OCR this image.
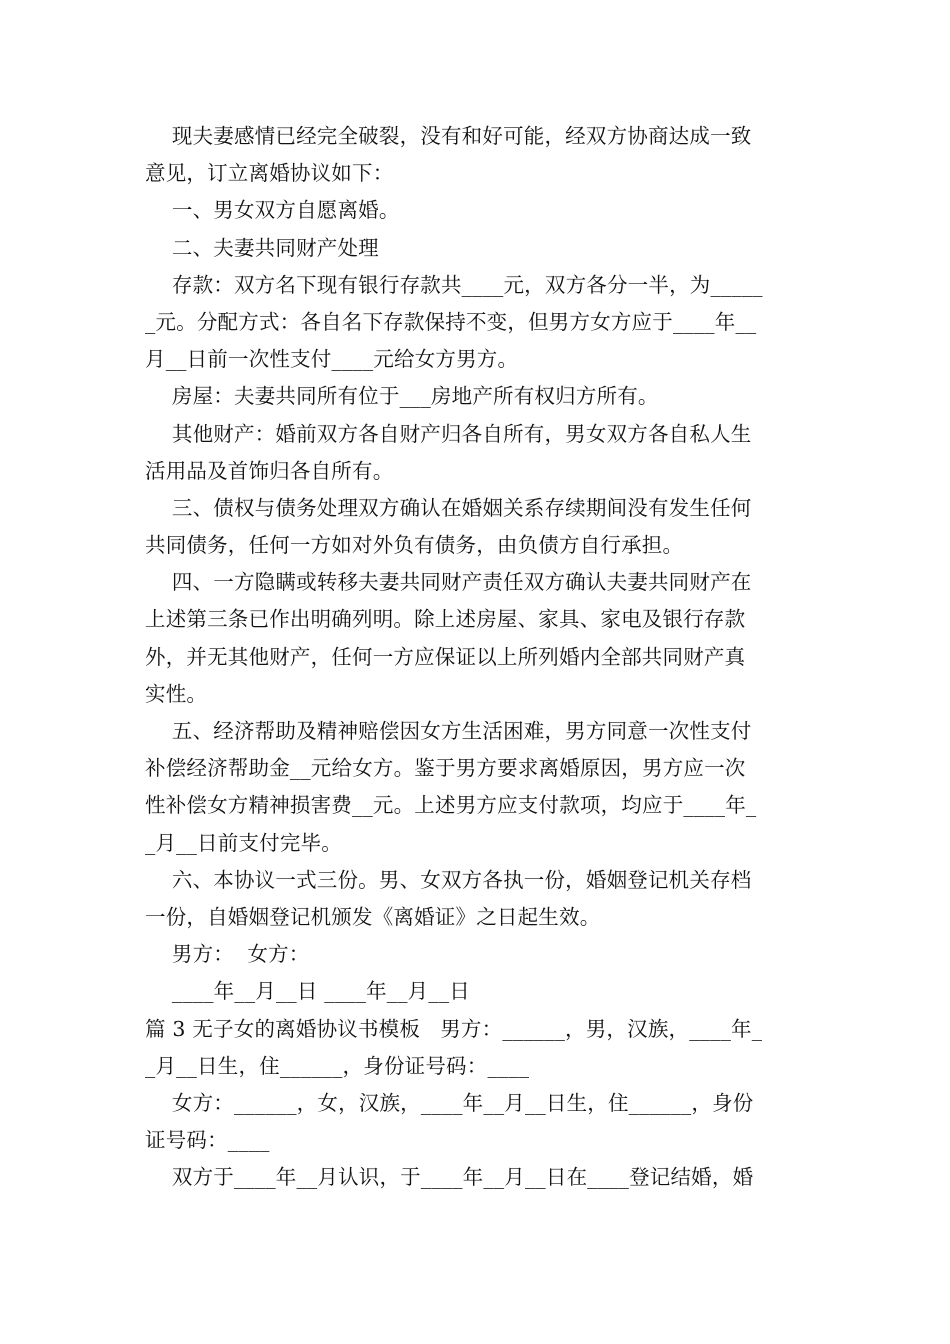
现夫妻感情已经完全破裂，没有和好可能，经双方协商达成一致
意见，订立离婚协议如下：
一、男女双方自愿离婚。
二、夫妻共同财产处理
存款：双方名下现有银行存款共____元，双方各分一半，为_____
_元。分配方式：各自名下存款保持不变，但男方女方应于____年__
月__日前一次性支付____元给女方男方。
房屋：夫妻共同所有位于___房地产所有权归方所有。
其他财产：婚前双方各自财产归各自所有，男女双方各自私人生
活用品及首饰归各自所有。
三、债权与债务处理双方确认在婚姻关系存续期间没有发生任何
共同债务，任何一方如对外负有债务，由负债方自行承担。
四、一方隐瞒或转移夫妻共同财产责任双方确认夫妻共同财产在
上述第三条已作出明确列明。除上述房屋、家具、家电及银行存款
外，并无其他财产，任何一方应保证以上所列婚内全部共同财产真
实性。
五、经济帮助及精神赔偿因女方生活困难，男方同意一次性支付
补偿经济帮助金__元给女方。鉴于男方要求离婚原因，男方应一次
性补偿女方精神损害费__元。上述男方应支付款项，均应于____年_
_月__日前支付完毕。
六、本协议一式三份。男、女双方各执一份，婚姻登记机关存档
一份，自婚姻登记机颁发《离婚证》之日起生效。
男方：  女方：
____年__月__日 ____年__月__日
篇 3 无子女的离婚协议书模板   男方：______，男，汉族，____年_
_月__日生，住______，身份证号码：____
女方：______，女，汉族，____年__月__日生，住______，身份
证号码：____
双方于____年__月认识，于____年__月__日在____登记结婚，婚
